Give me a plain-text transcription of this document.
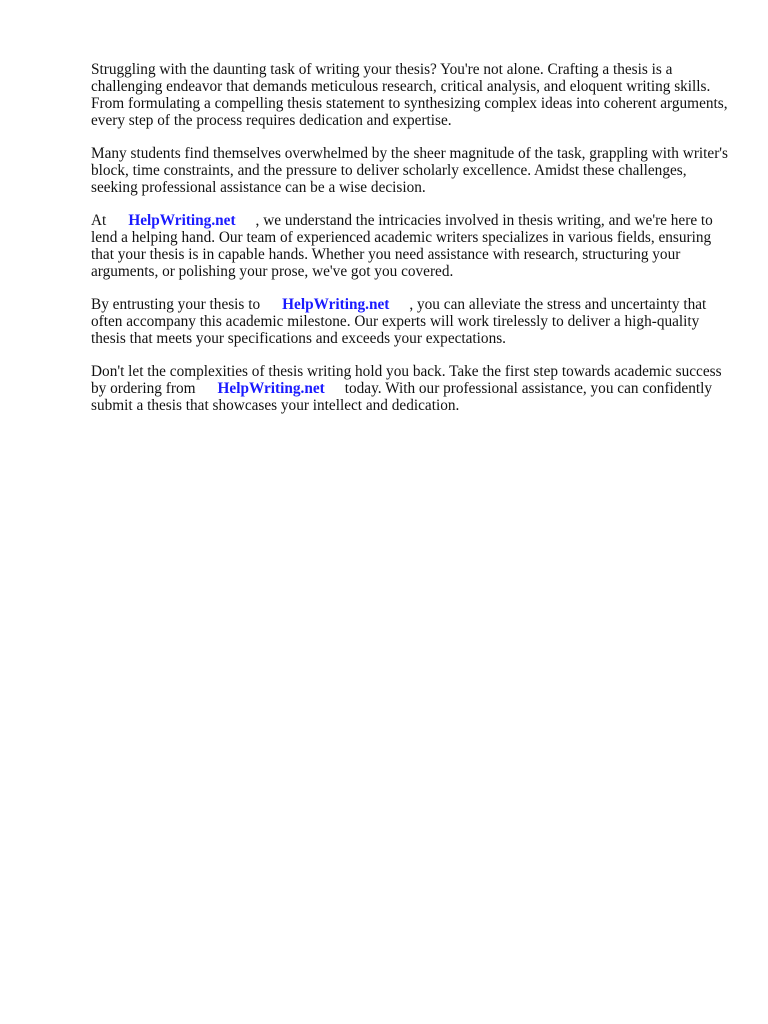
Struggling with the daunting task of writing your thesis? You're not alone. Crafting a thesis is a challenging endeavor that demands meticulous research, critical analysis, and eloquent writing skills. From formulating a compelling thesis statement to synthesizing complex ideas into coherent arguments, every step of the process requires dedication and expertise.

Many students find themselves overwhelmed by the sheer magnitude of the task, grappling with writer's block, time constraints, and the pressure to deliver scholarly excellence. Amidst these challenges, seeking professional assistance can be a wise decision.

At HelpWriting.net , we understand the intricacies involved in thesis writing, and we're here to lend a helping hand. Our team of experienced academic writers specializes in various fields, ensuring that your thesis is in capable hands. Whether you need assistance with research, structuring your arguments, or polishing your prose, we've got you covered.

By entrusting your thesis to HelpWriting.net , you can alleviate the stress and uncertainty that often accompany this academic milestone. Our experts will work tirelessly to deliver a high-quality thesis that meets your specifications and exceeds your expectations.

Don't let the complexities of thesis writing hold you back. Take the first step towards academic success by ordering from HelpWriting.net today. With our professional assistance, you can confidently submit a thesis that showcases your intellect and dedication.
